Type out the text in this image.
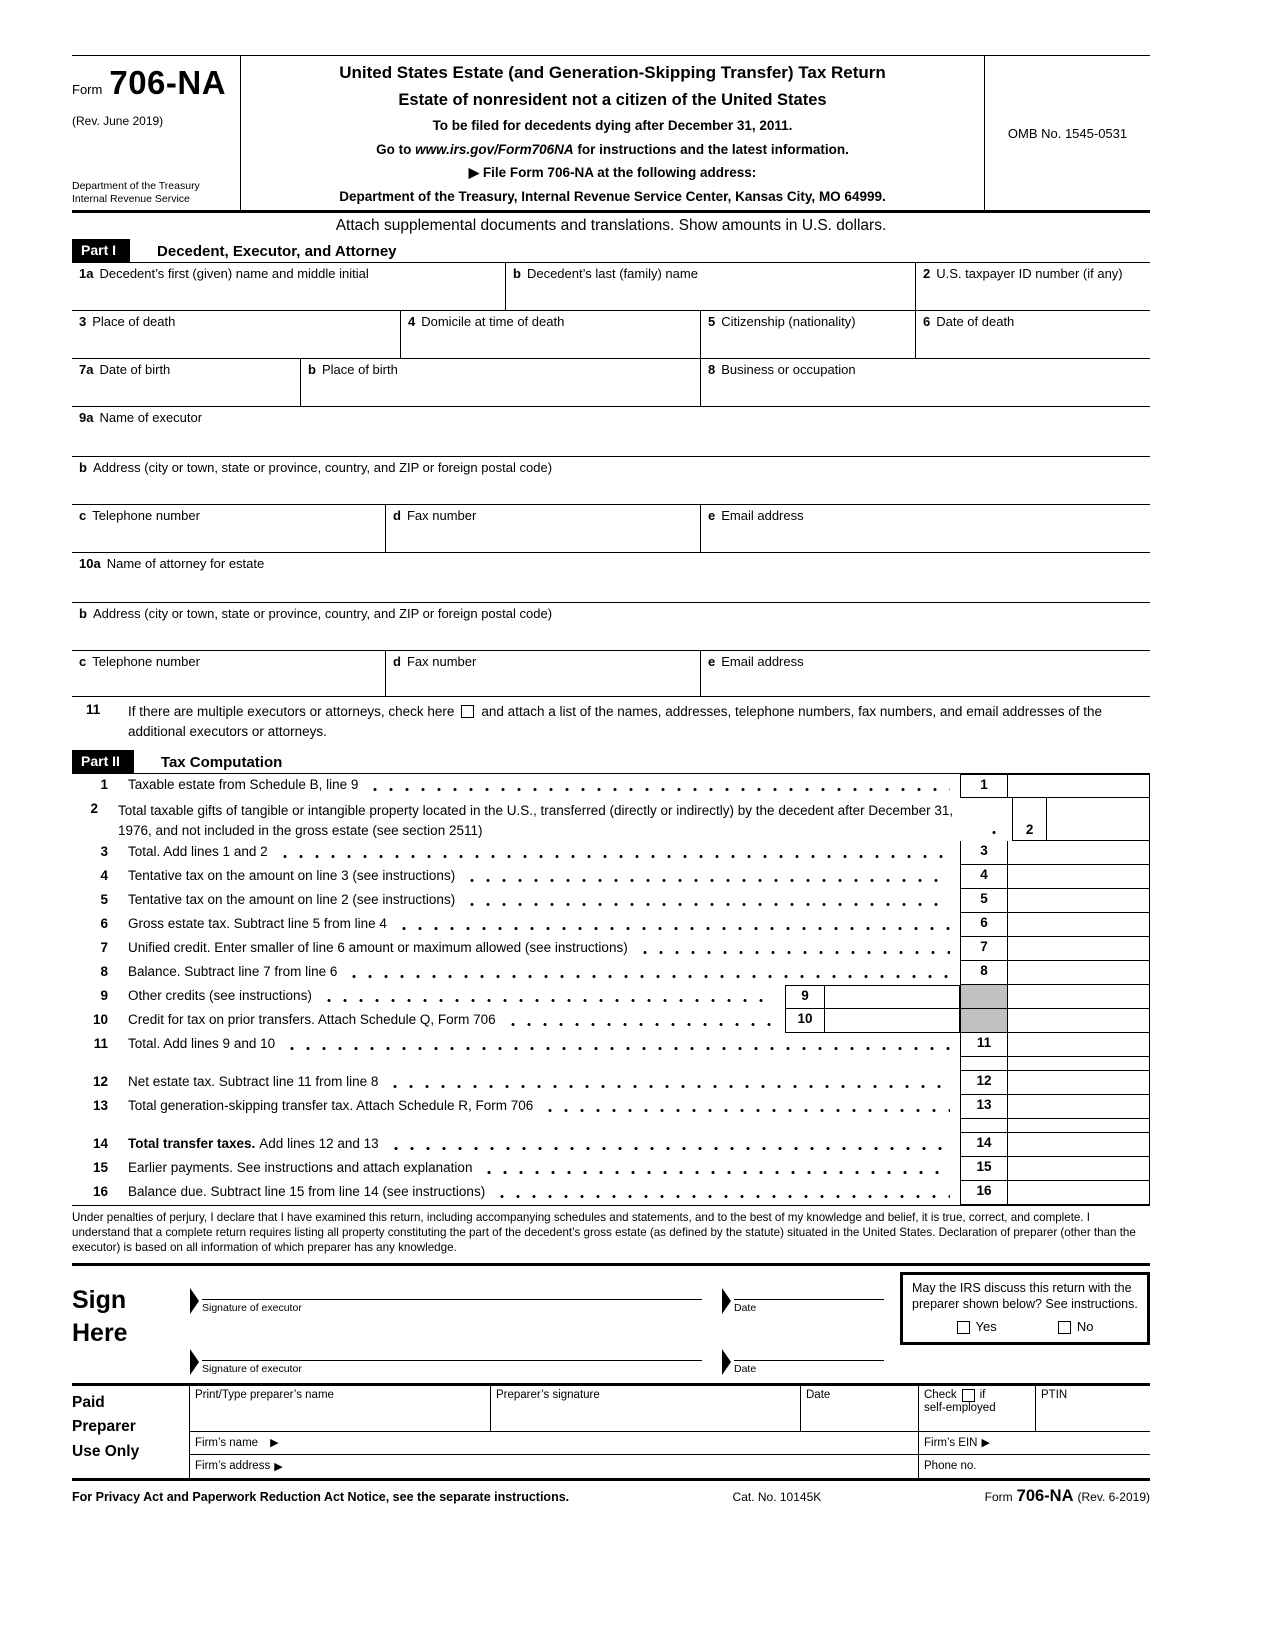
Form 706-NA
(Rev. June 2019)
Department of the Treasury
Internal Revenue Service
United States Estate (and Generation-Skipping Transfer) Tax Return
Estate of nonresident not a citizen of the United States
To be filed for decedents dying after December 31, 2011.
Go to www.irs.gov/Form706NA for instructions and the latest information.
▶ File Form 706-NA at the following address:
Department of the Treasury, Internal Revenue Service Center, Kansas City, MO 64999.
OMB No. 1545-0531
Attach supplemental documents and translations. Show amounts in U.S. dollars.
Part I	Decedent, Executor, and Attorney
1a Decedent’s first (given) name and middle initial	b Decedent’s last (family) name	2 U.S. taxpayer ID number (if any)
3 Place of death	4 Domicile at time of death	5 Citizenship (nationality)	6 Date of death
7a Date of birth	b Place of birth	8 Business or occupation
9a Name of executor
b Address (city or town, state or province, country, and ZIP or foreign postal code)
c Telephone number	d Fax number	e Email address
10a Name of attorney for estate
b Address (city or town, state or province, country, and ZIP or foreign postal code)
c Telephone number	d Fax number	e Email address
11	If there are multiple executors or attorneys, check here and attach a list of the names, addresses, telephone numbers, fax numbers, and email addresses of the additional executors or attorneys.
Part II	Tax Computation
1	Taxable estate from Schedule B, line 9	1
2	Total taxable gifts of tangible or intangible property located in the U.S., transferred (directly or indirectly) by the decedent after December 31, 1976, and not included in the gross estate (see section 2511)	2
3	Total. Add lines 1 and 2	3
4	Tentative tax on the amount on line 3 (see instructions)	4
5	Tentative tax on the amount on line 2 (see instructions)	5
6	Gross estate tax. Subtract line 5 from line 4	6
7	Unified credit. Enter smaller of line 6 amount or maximum allowed (see instructions)	7
8	Balance. Subtract line 7 from line 6	8
9	Other credits (see instructions)	9
10	Credit for tax on prior transfers. Attach Schedule Q, Form 706	10
11	Total. Add lines 9 and 10	11
12	Net estate tax. Subtract line 11 from line 8	12
13	Total generation-skipping transfer tax. Attach Schedule R, Form 706	13
14	Total transfer taxes. Add lines 12 and 13	14
15	Earlier payments. See instructions and attach explanation	15
16	Balance due. Subtract line 15 from line 14 (see instructions)	16
Under penalties of perjury, I declare that I have examined this return, including accompanying schedules and statements, and to the best of my knowledge and belief, it is true, correct, and complete. I understand that a complete return requires listing all property constituting the part of the decedent’s gross estate (as defined by the statute) situated in the United States. Declaration of preparer (other than the executor) is based on all information of which preparer has any knowledge.
Sign
Here
Signature of executor	Date
Signature of executor	Date
May the IRS discuss this return with the preparer shown below? See instructions.
Yes	No
Paid
Preparer
Use Only
Print/Type preparer’s name	Preparer’s signature	Date	Check if
self-employed
PTIN
Firm’s name ▶	Firm’s EIN ▶
Firm’s address ▶	Phone no.
For Privacy Act and Paperwork Reduction Act Notice, see the separate instructions.	Cat. No. 10145K	Form 706-NA (Rev. 6-2019)
